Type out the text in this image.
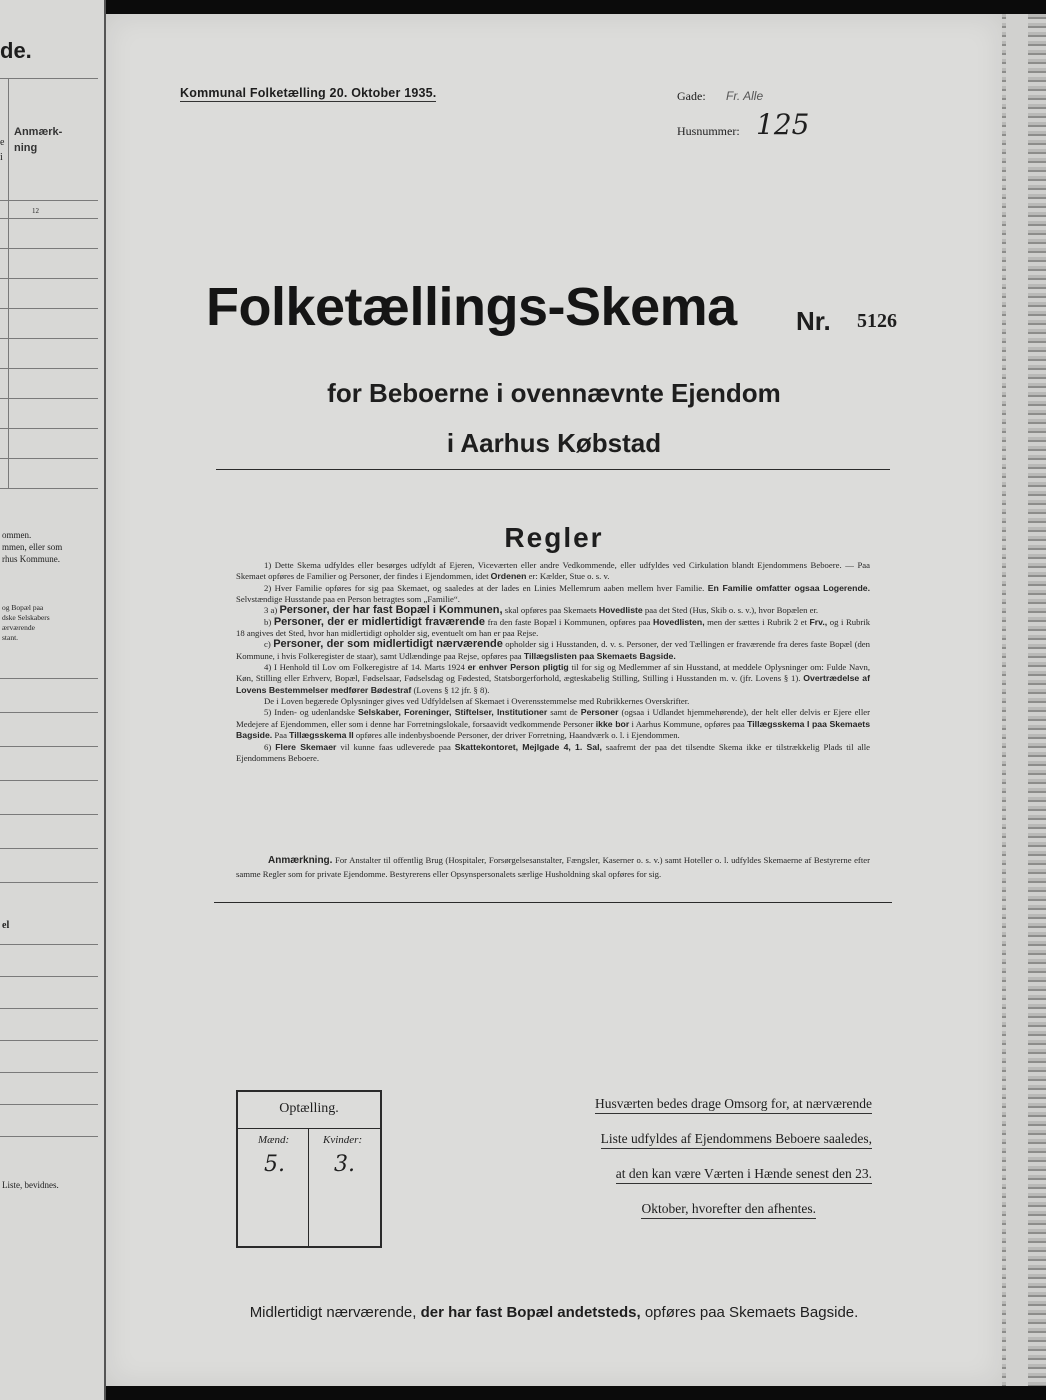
de.
e
i
Anmærk-
ning
12
ommen.
mmen, eller som
rhus Kommune.
og Bopæl paa
dske Selskabers
ærværende
stant.
el
Liste, bevidnes.
Kommunal Folketælling 20. Oktober 1935.	Gade: Fr. Alle
Husnummer: 125
Folketællings-Skema Nr. 5126
for Beboerne i ovennævnte Ejendom
i Aarhus Købstad
Regler

1) Dette Skema udfyldes eller besørges udfyldt af Ejeren, Viceværten eller andre Vedkommende, eller udfyldes ved Cirkulation blandt Ejendommens Beboere. — Paa Skemaet opføres de Familier og Personer, der findes i Ejendommen, idet Ordenen er: Kælder, Stue o. s. v.

2) Hver Familie opføres for sig paa Skemaet, og saaledes at der lades en Linies Mellemrum aaben mellem hver Familie. En Familie omfatter ogsaa Logerende. Selvstændige Husstande paa en Person betragtes som „Familie“.

3 a) Personer, der har fast Bopæl i Kommunen, skal opføres paa Skemaets Hovedliste paa det Sted (Hus, Skib o. s. v.), hvor Bopælen er.

b) Personer, der er midlertidigt fraværende fra den faste Bopæl i Kommunen, opføres paa Hovedlisten, men der sættes i Rubrik 2 et Frv., og i Rubrik 18 angives det Sted, hvor han midlertidigt opholder sig, eventuelt om han er paa Rejse.

c) Personer, der som midlertidigt nærværende opholder sig i Husstanden, d. v. s. Personer, der ved Tællingen er fraværende fra deres faste Bopæl (den Kommune, i hvis Folkeregister de staar), samt Udlændinge paa Rejse, opføres paa Tillægslisten paa Skemaets Bagside.

4) I Henhold til Lov om Folkeregistre af 14. Marts 1924 er enhver Person pligtig til for sig og Medlemmer af sin Husstand, at meddele Oplysninger om: Fulde Navn, Køn, Stilling eller Erhverv, Bopæl, Fødselsaar, Fødselsdag og Fødested, Statsborgerforhold, ægteskabelig Stilling, Stilling i Husstanden m. v. (jfr. Lovens § 1). Overtrædelse af Lovens Bestemmelser medfører Bødestraf (Lovens § 12 jfr. § 8).

De i Loven begærede Oplysninger gives ved Udfyldelsen af Skemaet i Overensstemmelse med Rubrikkernes Overskrifter.

5) Inden- og udenlandske Selskaber, Foreninger, Stiftelser, Institutioner samt de Personer (ogsaa i Udlandet hjemmehørende), der helt eller delvis er Ejere eller Medejere af Ejendommen, eller som i denne har Forretningslokale, forsaavidt vedkommende Personer ikke bor i Aarhus Kommune, opføres paa Tillægsskema I paa Skemaets Bagside. Paa Tillægsskema II opføres alle indenbysboende Personer, der driver Forretning, Haandværk o. l. i Ejendommen.

6) Flere Skemaer vil kunne faas udleverede paa Skattekontoret, Mejlgade 4, 1. Sal, saafremt der paa det tilsendte Skema ikke er tilstrækkelig Plads til alle Ejendommens Beboere.

Anmærkning. For Anstalter til offentlig Brug (Hospitaler, Forsørgelsesanstalter, Fængsler, Kaserner o. s. v.) samt Hoteller o. l. udfyldes Skemaerne af Bestyrerne efter samme Regler som for private Ejendomme. Bestyrerens eller Opsynspersonalets særlige Husholdning skal opføres for sig.
Optælling.
Mænd:	Kvinder:
5. 3.
Husværten bedes drage Omsorg for, at nærværende
Liste udfyldes af Ejendommens Beboere saaledes,
at den kan være Værten i Hænde senest den 23.
Oktober, hvorefter den afhentes.
Midlertidigt nærværende, der har fast Bopæl andetsteds, opføres paa Skemaets Bagside.
